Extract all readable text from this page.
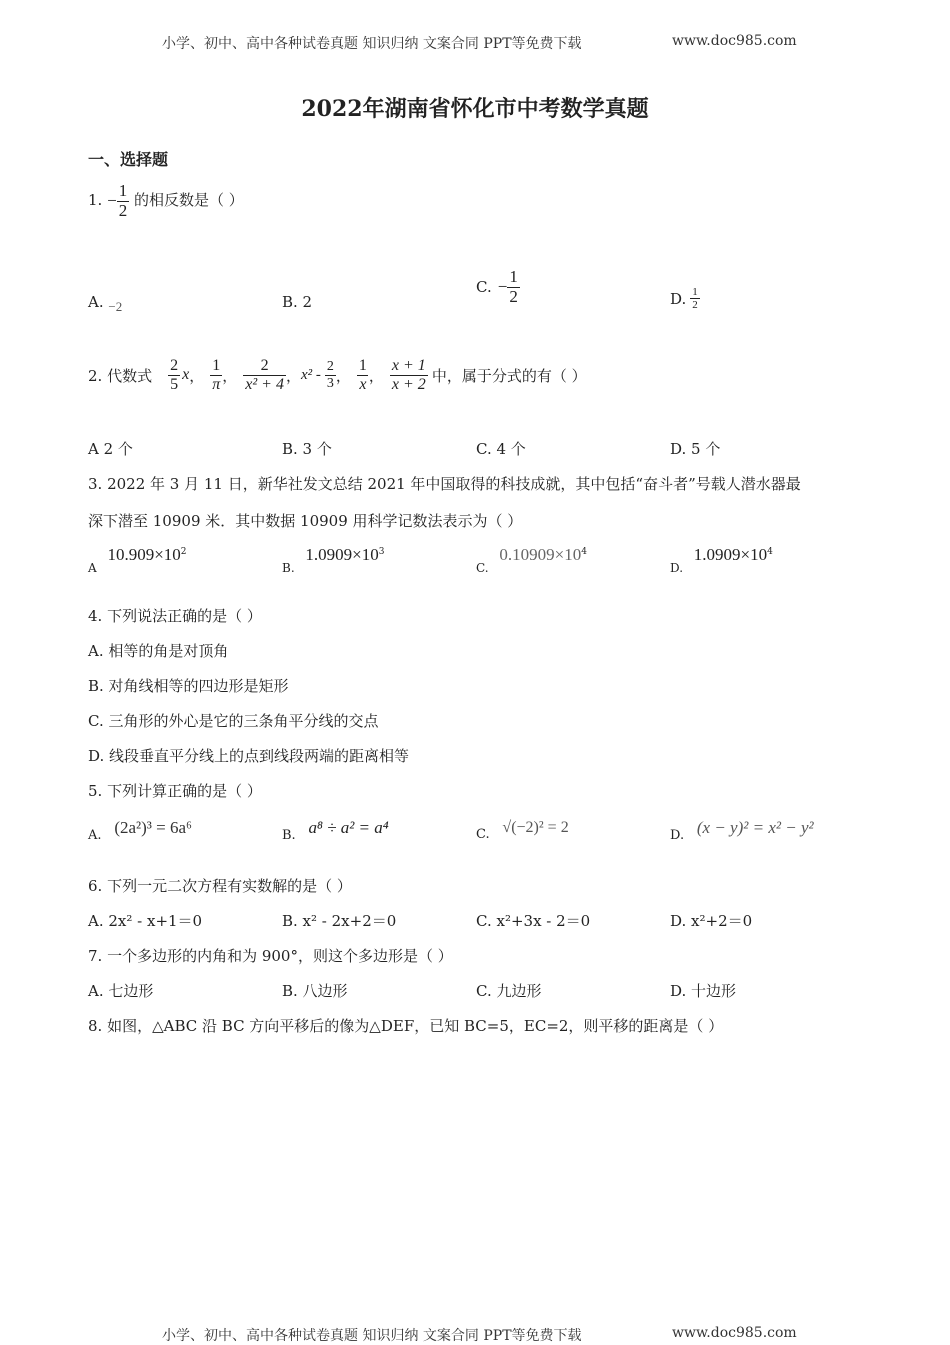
小学、初中、高中各种试卷真题 知识归纳 文案合同 PPT等免费下载	www.doc985.com
2022年湖南省怀化市中考数学真题
一、选择题
1. − $\frac{1}{2}$ 的相反数是（ ）
A. −2	B. 2
C. − $\frac{1}{2}$	D. $\frac{1}{2}$
2. 代数式 $\frac{2}{5}$ x ， $\frac{1}{\pi}$ ， $\frac{2}{\text{x² + 4}}$ ， $x^2 - \frac{2}{3}$ ， $\frac{1}{x}$ ， $\frac{x + 1}{x + 2}$ 中，属于分式的有（ ）
A 2 个	B. 3 个	C. 4 个	D. 5 个
3. 2022 年 3 月 11 日，新华社发文总结 2021 年中国取得的科技成就，其中包括“奋斗者”号载人潜水器最
深下潜至 10909 米．其中数据 10909 用科学记数法表示为（ ）
$_A$ $10.909\times 10^2$
$_{B.}$ $1.0909\times 10^3$
$_{C.}$ $0.10909\times 10^4$
$_{D.}$ $1.0909\times 10^4$
4. 下列说法正确的是（ ）
A. 相等的角是对顶角
B. 对角线相等的四边形是矩形
C. 三角形的外心是它的三条角平分线的交点
D. 线段垂直平分线上的点到线段两端的距离相等
5. 下列计算正确的是（ ）
A. (2a²)³ = 6a⁶	B. a⁸ ÷ a² = a⁴	C. √(−2)² = 2	D. (x − y)² = x² − y²
6. 下列一元二次方程有实数解的是（ ）
A. 2x² - x+1＝0	B. x² - 2x+2＝0	C. x²+3x - 2＝0	D. x²+2＝0
7. 一个多边形的内角和为 900°，则这个多边形是（ ）
A. 七边形	B. 八边形	C. 九边形	D. 十边形
8. 如图，△ABC 沿 BC 方向平移后的像为△DEF，已知 BC=5，EC=2，则平移的距离是（ ）
小学、初中、高中各种试卷真题 知识归纳 文案合同 PPT等免费下载	www.doc985.com
